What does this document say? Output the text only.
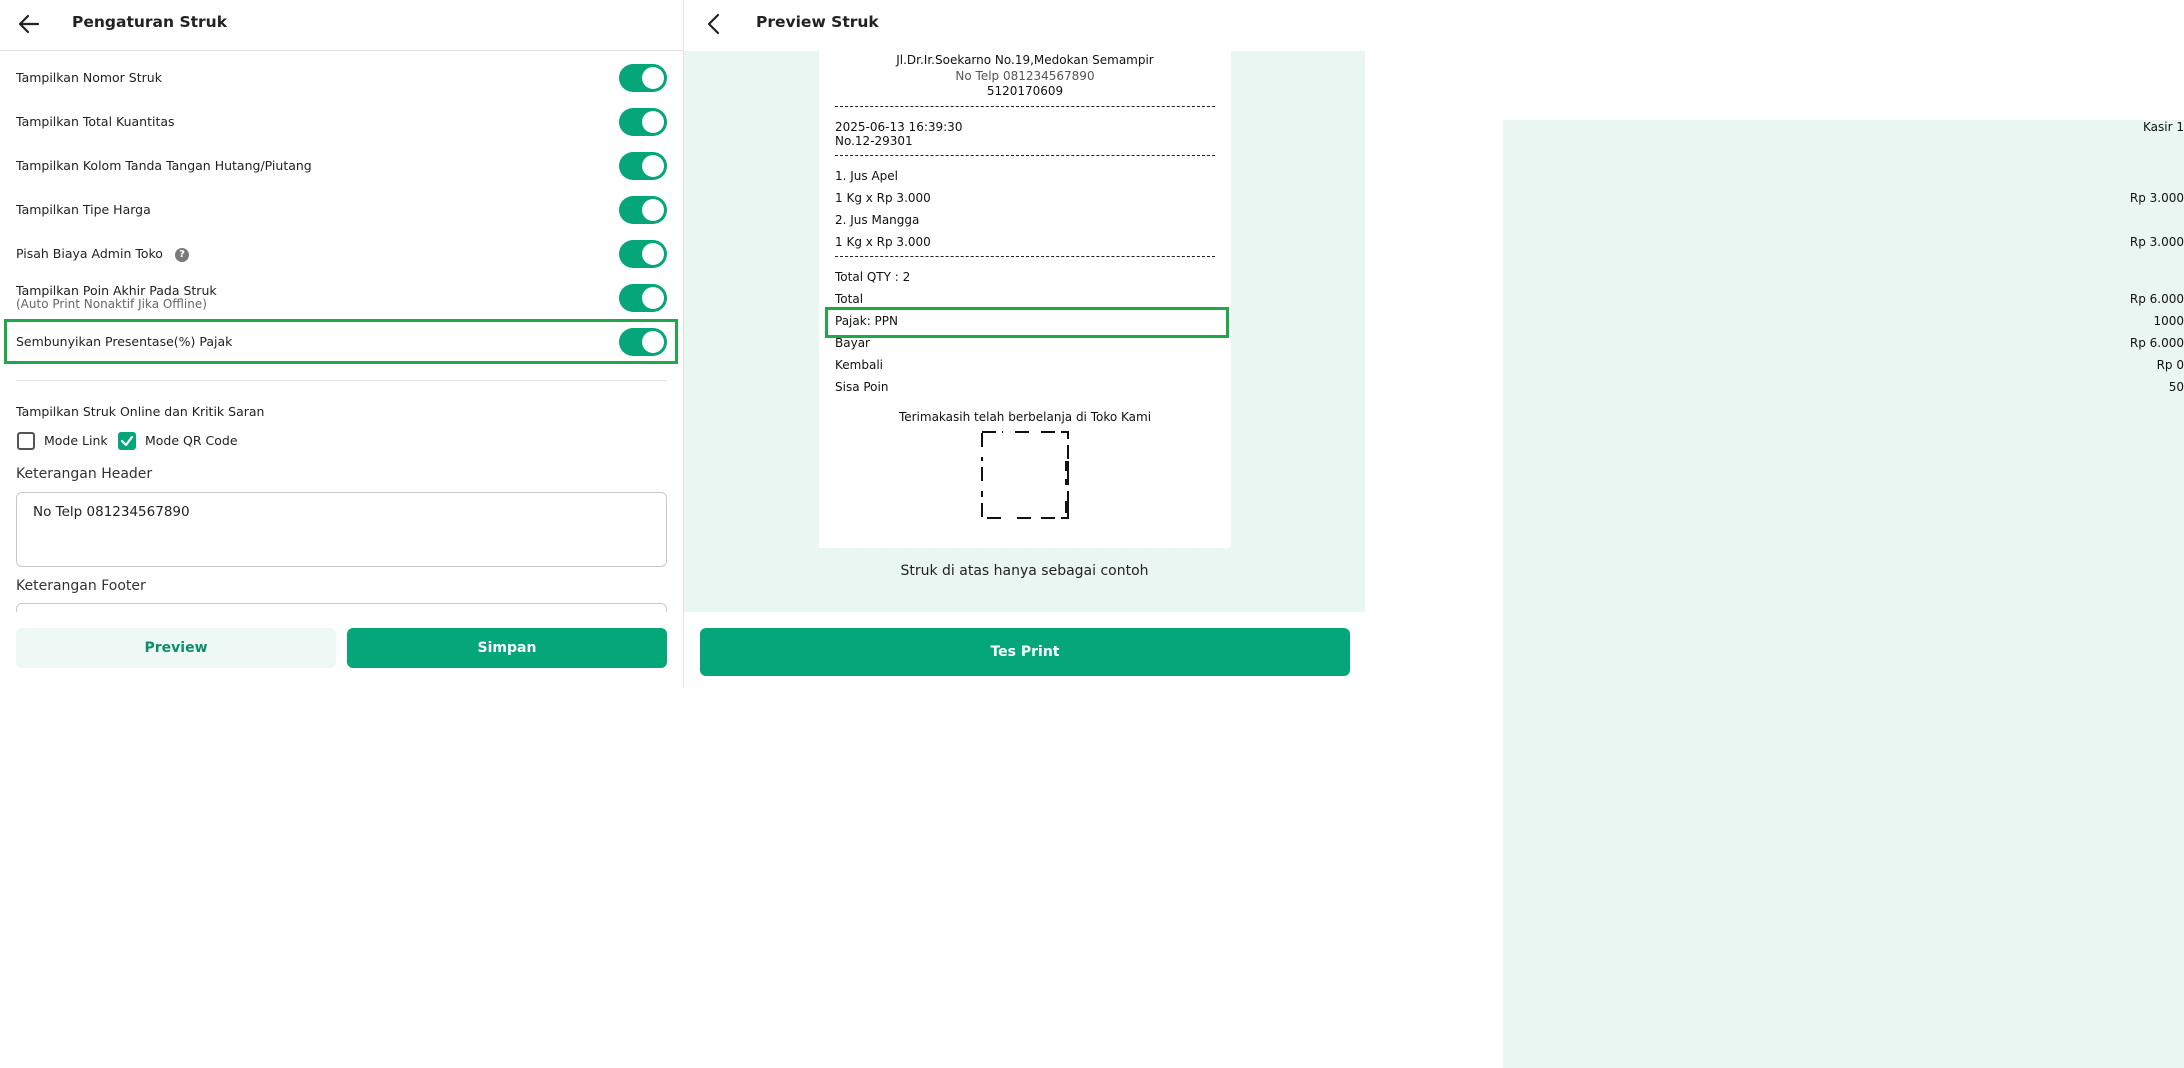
Pengaturan Struk
Tampilkan Nomor Struk
Tampilkan Total Kuantitas
Tampilkan Kolom Tanda Tangan Hutang/Piutang
Tampilkan Tipe Harga
Pisah Biaya Admin Toko ?
Tampilkan Poin Akhir Pada Struk
(Auto Print Nonaktif Jika Offline)
Sembunyikan Presentase(%) Pajak
Tampilkan Struk Online dan Kritik Saran
Mode Link	Mode QR Code
Keterangan Header
No Telp 081234567890
Keterangan Footer
Preview	Simpan
Preview Struk
Jl.Dr.Ir.Soekarno No.19,Medokan Semampir
No Telp 081234567890
5120170609
2025-06-13 16:39:30	Kasir 1
No.12-29301
1. Jus Apel
1 Kg x Rp 3.000	Rp 3.000
2. Jus Mangga
1 Kg x Rp 3.000	Rp 3.000
Total QTY : 2
Total	Rp 6.000
Pajak: PPN	1000
Bayar	Rp 6.000
Kembali	Rp 0
Sisa Poin	50
Terimakasih telah berbelanja di Toko Kami
Struk di atas hanya sebagai contoh
Tes Print
